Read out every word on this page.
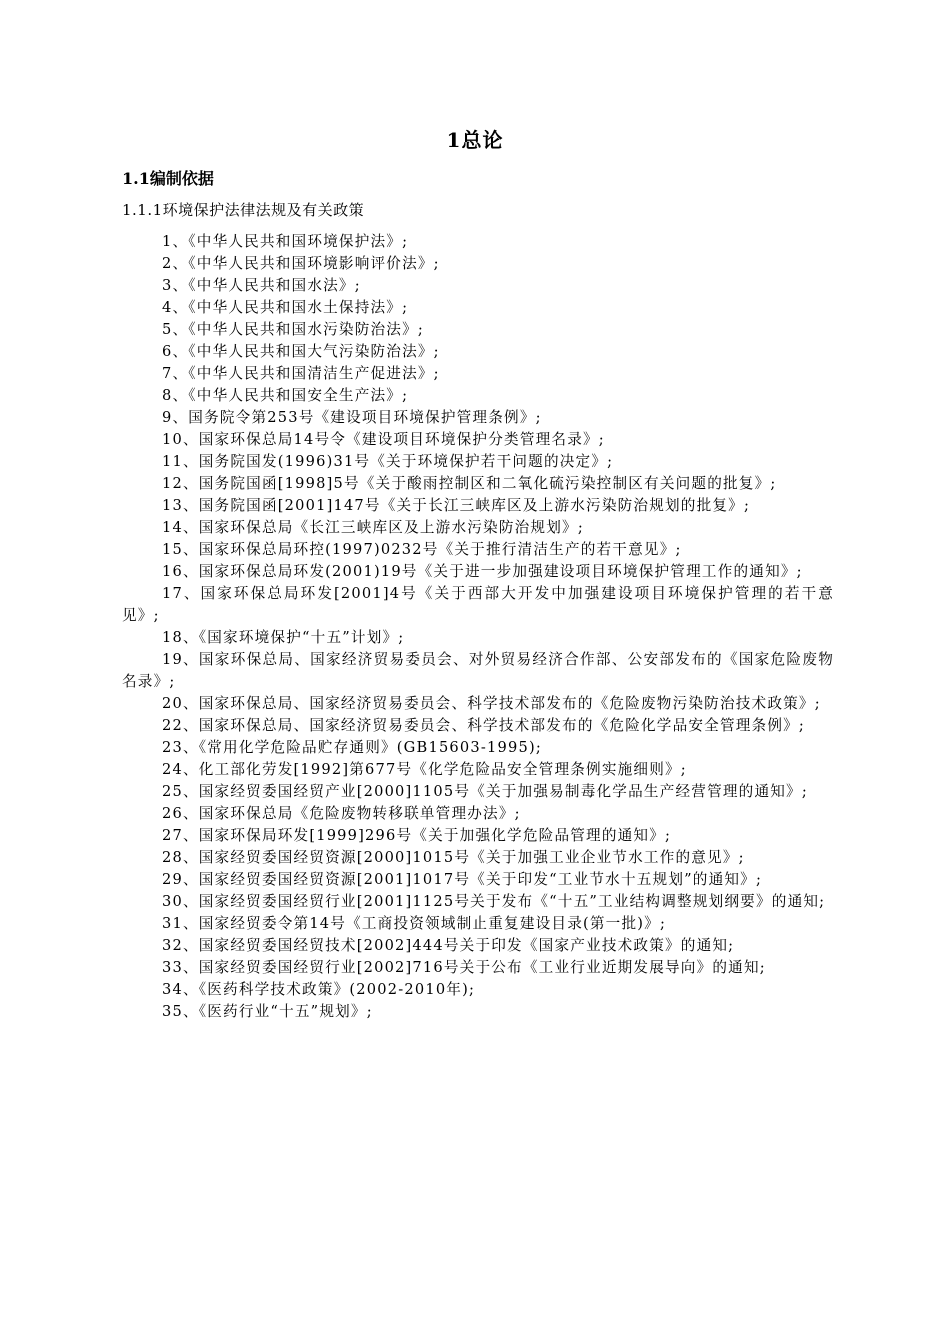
1总论
1.1编制依据
1.1.1环境保护法律法规及有关政策
1、《中华人民共和国环境保护法》;
2、《中华人民共和国环境影响评价法》;
3、《中华人民共和国水法》;
4、《中华人民共和国水土保持法》;
5、《中华人民共和国水污染防治法》;
6、《中华人民共和国大气污染防治法》;
7、《中华人民共和国清洁生产促进法》;
8、《中华人民共和国安全生产法》;
9、国务院令第253号《建设项目环境保护管理条例》;
10、国家环保总局14号令《建设项目环境保护分类管理名录》;
11、国务院国发(1996)31号《关于环境保护若干问题的决定》;
12、国务院国函[1998]5号《关于酸雨控制区和二氧化硫污染控制区有关问题的批复》;
13、国务院国函[2001]147号《关于长江三峡库区及上游水污染防治规划的批复》;
14、国家环保总局《长江三峡库区及上游水污染防治规划》;
15、国家环保总局环控(1997)0232号《关于推行清洁生产的若干意见》;
16、国家环保总局环发(2001)19号《关于进一步加强建设项目环境保护管理工作的通知》;
17、国家环保总局环发[2001]4号《关于西部大开发中加强建设项目环境保护管理的若干意见》;
18、《国家环境保护“十五”计划》;
19、国家环保总局、国家经济贸易委员会、对外贸易经济合作部、公安部发布的《国家危险废物名录》;
20、国家环保总局、国家经济贸易委员会、科学技术部发布的《危险废物污染防治技术政策》;
22、国家环保总局、国家经济贸易委员会、科学技术部发布的《危险化学品安全管理条例》;
23、《常用化学危险品贮存通则》(GB15603-1995);
24、化工部化劳发[1992]第677号《化学危险品安全管理条例实施细则》;
25、国家经贸委国经贸产业[2000]1105号《关于加强易制毒化学品生产经营管理的通知》;
26、国家环保总局《危险废物转移联单管理办法》;
27、国家环保局环发[1999]296号《关于加强化学危险品管理的通知》;
28、国家经贸委国经贸资源[2000]1015号《关于加强工业企业节水工作的意见》;
29、国家经贸委国经贸资源[2001]1017号《关于印发“工业节水十五规划”的通知》;
30、国家经贸委国经贸行业[2001]1125号关于发布《“十五”工业结构调整规划纲要》的通知;
31、国家经贸委令第14号《工商投资领域制止重复建设目录(第一批)》;
32、国家经贸委国经贸技术[2002]444号关于印发《国家产业技术政策》的通知;
33、国家经贸委国经贸行业[2002]716号关于公布《工业行业近期发展导向》的通知;
34、《医药科学技术政策》(2002-2010年);
35、《医药行业“十五”规划》;
